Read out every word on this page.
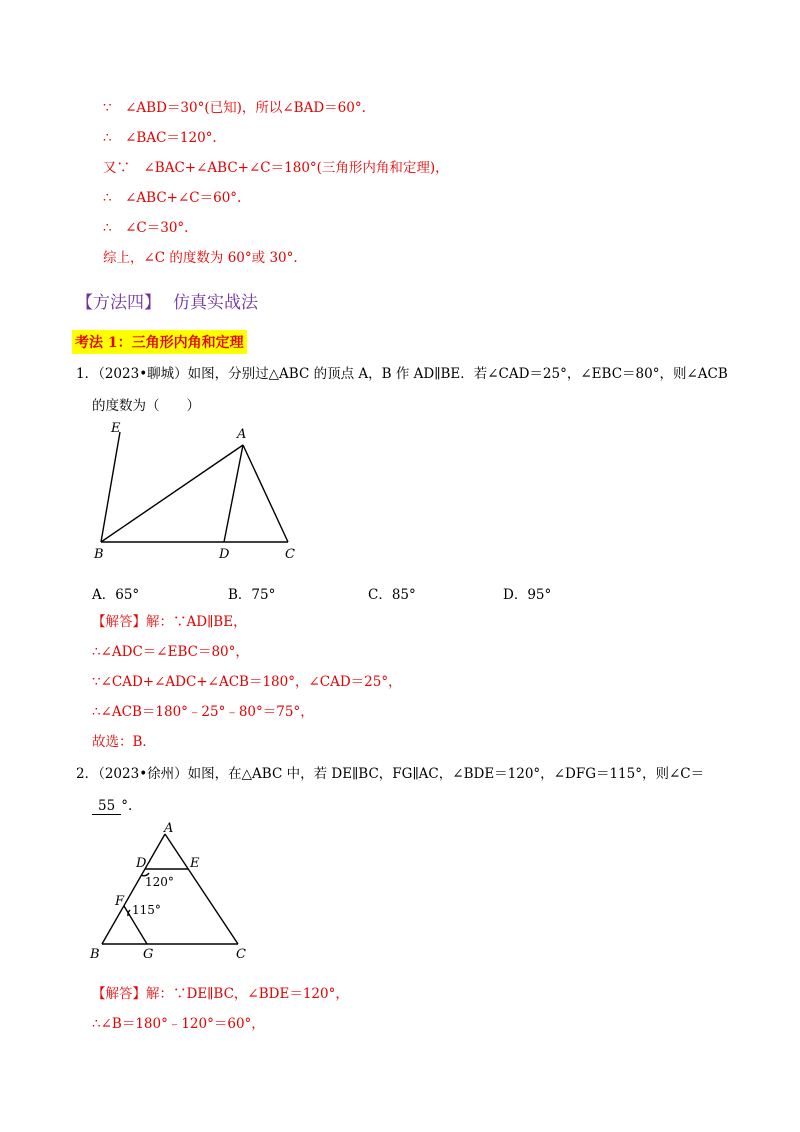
∵　∠ABD＝30°(已知)，所以∠BAD＝60°.
∴　∠BAC＝120°.
又∵　∠BAC+∠ABC+∠C＝180°(三角形内角和定理)，
∴　∠ABC+∠C＝60°.
∴　∠C＝30°.
综上，∠C 的度数为 60°或 30°.
【方法四】 仿真实战法
考法 1：三角形内角和定理
1．（2023•聊城）如图，分别过△ABC 的顶点 A，B 作 AD∥BE．若∠CAD＝25°，∠EBC＝80°，则∠ACB
的度数为（　　）
E	A
B	D	C
A．65°	B．75°	C．85°	D．95°
【解答】解：∵AD∥BE，
∴∠ADC＝∠EBC＝80°，
∵∠CAD+∠ADC+∠ACB＝180°，∠CAD＝25°，
∴∠ACB＝180°﹣25°﹣80°＝75°，
故选：B．
2．（2023•徐州）如图，在△ABC 中，若 DE∥BC，FG∥AC，∠BDE＝120°，∠DFG＝115°，则∠C＝
55 °.
A
D	E
F
B	G	C
120°
115°
【解答】解：∵DE∥BC，∠BDE＝120°，
∴∠B＝180°﹣120°＝60°，
